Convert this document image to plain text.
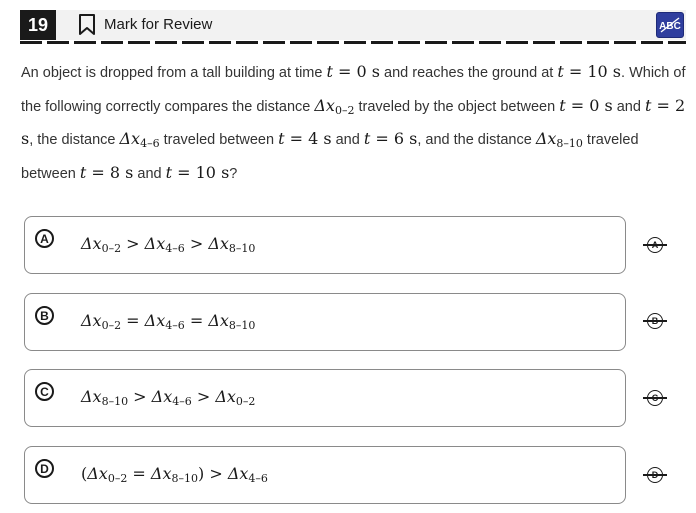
19	Mark for Review	ABC
An object is dropped from a tall building at time t = 0 s and reaches the ground at t = 10 s. Which of the following correctly compares the distance $\Delta x_{0-2}$ traveled by the object between t = 0 s and t = 2 s, the distance $\Delta x_{4-6}$ traveled between t = 4 s and t = 6 s, and the distance $\Delta x_{8-10}$ traveled between t = 8 s and t = 10 s?
A	$\Delta x_{0-2} > \Delta x_{4-6} > \Delta x_{8-10}$
B	$\Delta x_{0-2} = \Delta x_{4-6} = \Delta x_{8-10}$
C	$\Delta x_{8-10} > \Delta x_{4-6} > \Delta x_{0-2}$
D	$(\Delta x_{0-2} = \Delta x_{8-10}) > \Delta x_{4-6}$
